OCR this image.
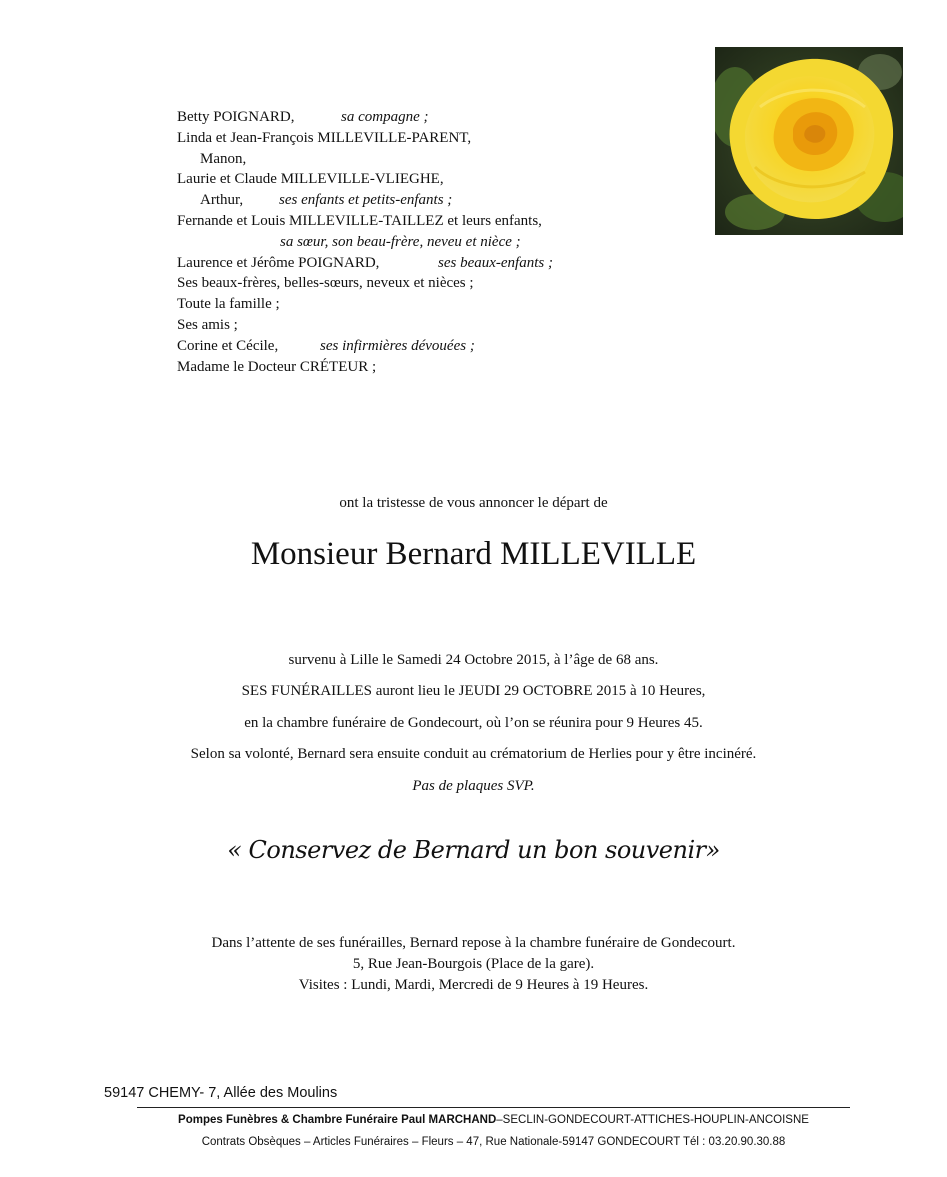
Betty POIGNARD,	sa compagne ;
Linda et Jean-François MILLEVILLE-PARENT,
Manon,
Laurie et Claude MILLEVILLE-VLIEGHE,
Arthur, ses enfants et petits-enfants ;
Fernande et Louis MILLEVILLE-TAILLEZ et leurs enfants,
sa sœur, son beau-frère, neveu et nièce ;
Laurence et Jérôme POIGNARD,	ses beaux-enfants ;
Ses beaux-frères, belles-sœurs, neveux et nièces ;
Toute la famille ;
Ses amis ;
Corine et Cécile,	ses infirmières dévouées ;
Madame le Docteur CRÉTEUR ;
ont la tristesse de vous annoncer le départ de
Monsieur Bernard MILLEVILLE
survenu à Lille le Samedi 24 Octobre 2015, à l’âge de 68 ans.
SES FUNÉRAILLES auront lieu le JEUDI 29 OCTOBRE 2015 à 10 Heures,
en la chambre funéraire de Gondecourt, où l’on se réunira pour 9 Heures 45.
Selon sa volonté, Bernard sera ensuite conduit au crématorium de Herlies pour y être incinéré.
Pas de plaques SVP.
« Conservez de Bernard un bon souvenir»
Dans l’attente de ses funérailles, Bernard repose à la chambre funéraire de Gondecourt.
5, Rue Jean-Bourgois (Place de la gare).
Visites : Lundi, Mardi, Mercredi de 9 Heures à 19 Heures.
59147 CHEMY- 7, Allée des Moulins
Pompes Funèbres & Chambre Funéraire Paul MARCHAND–SECLIN-GONDECOURT-ATTICHES-HOUPLIN-ANCOISNE
Contrats Obsèques – Articles Funéraires – Fleurs – 47, Rue Nationale-59147 GONDECOURT Tél : 03.20.90.30.88
